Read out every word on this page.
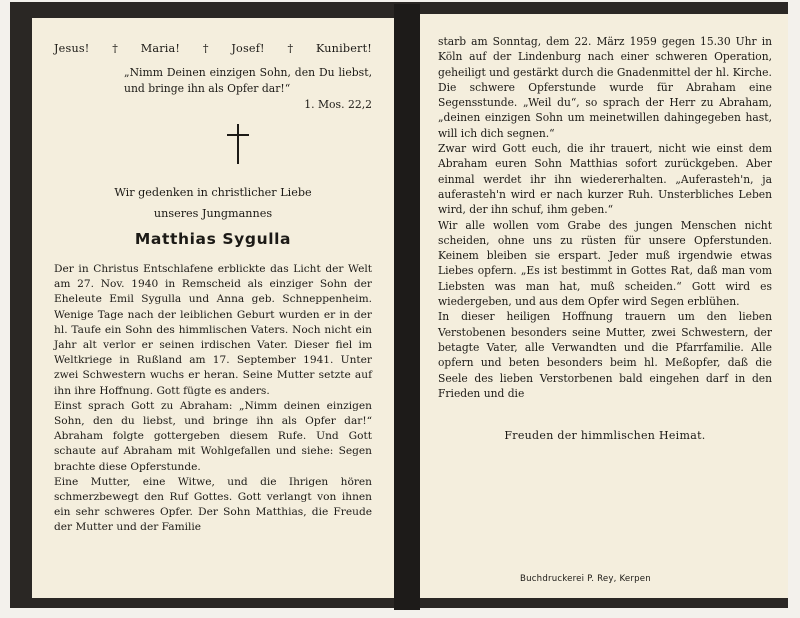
Jesus! † Maria! † Josef! † Kunibert!
„Nimm Deinen einzigen Sohn, den Du liebst, und bringe ihn als Opfer dar!“
1. Mos. 22,2
Wir gedenken in christlicher Liebe
unseres Jungmannes
Matthias Sygulla

Der in Christus Entschlafene erblickte das Licht der Welt am 27. Nov. 1940 in Remscheid als einziger Sohn der Eheleute Emil Sygulla und Anna geb. Schneppenheim. Wenige Tage nach der leiblichen Geburt wurden er in der hl. Taufe ein Sohn des himmlischen Vaters. Noch nicht ein Jahr alt verlor er seinen irdischen Vater. Dieser fiel im Weltkriege in Rußland am 17. September 1941. Unter zwei Schwestern wuchs er heran. Seine Mutter setzte auf ihn ihre Hoffnung. Gott fügte es anders.

Einst sprach Gott zu Abraham: „Nimm deinen einzigen Sohn, den du liebst, und bringe ihn als Opfer dar!“ Abraham folgte gottergeben diesem Rufe. Und Gott schaute auf Abraham mit Wohlgefallen und siehe: Segen brachte diese Opferstunde.

Eine Mutter, eine Witwe, und die Ihrigen hören schmerzbewegt den Ruf Gottes. Gott verlangt von ihnen ein sehr schweres Opfer. Der Sohn Matthias, die Freude der Mutter und der Familie

starb am Sonntag, dem 22. März 1959 gegen 15.30 Uhr in Köln auf der Lindenburg nach einer schweren Operation, geheiligt und gestärkt durch die Gnadenmittel der hl. Kirche.

Die schwere Opferstunde wurde für Abraham eine Segensstunde. „Weil du“, so sprach der Herr zu Abraham, „deinen einzigen Sohn um meinetwillen dahingegeben hast, will ich dich segnen.“

Zwar wird Gott euch, die ihr trauert, nicht wie einst dem Abraham euren Sohn Matthias sofort zurückgeben. Aber einmal werdet ihr ihn wiedererhalten. „Auferasteh'n, ja auferasteh'n wird er nach kurzer Ruh. Unsterbliches Leben wird, der ihn schuf, ihm geben.“

Wir alle wollen vom Grabe des jungen Menschen nicht scheiden, ohne uns zu rüsten für unsere Opferstunden. Keinem bleiben sie erspart. Jeder muß irgendwie etwas Liebes opfern. „Es ist bestimmt in Gottes Rat, daß man vom Liebsten was man hat, muß scheiden.“ Gott wird es wiedergeben, und aus dem Opfer wird Segen erblühen.

In dieser heiligen Hoffnung trauern um den lieben Verstobenen besonders seine Mutter, zwei Schwestern, der betagte Vater, alle Verwandten und die Pfarrfamilie. Alle opfern und beten besonders beim hl. Meßopfer, daß die Seele des lieben Verstorbenen bald eingehen darf in den Frieden und die

Freuden der himmlischen Heimat.
Buchdruckerei P. Rey, Kerpen
